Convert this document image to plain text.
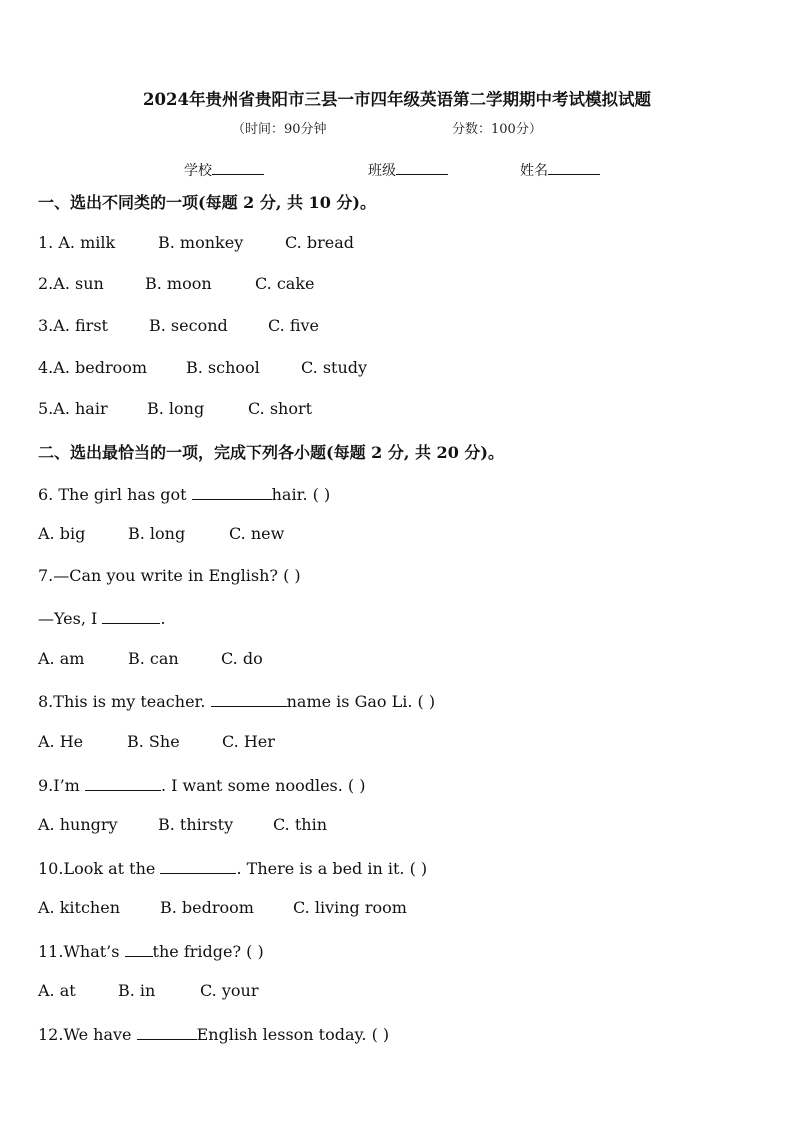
2024年贵州省贵阳市三县一市四年级英语第二学期期中考试模拟试题
（时间：90分钟	分数：100分）
学校	班级	姓名
一、选出不同类的一项(每题 2 分, 共 10 分)。
1. A. milk	B. monkey	C. bread
2.A. sun	B. moon	C. cake
3.A. first	B. second	C. five
4.A. bedroom B. school	C. study
5.A. hair B. long	C. short
二、选出最恰当的一项，完成下列各小题(每题 2 分, 共 20 分)。
6. The girl has got	hair. ( )
A. big	B. long	C. new
7.—Can you write in English? ( )
—Yes, I	.
A. am	B. can	C. do
8.This is my teacher.	name is Gao Li. ( )
A. He	B. She	C. Her
9.I’m	. I want some noodles. ( )
A. hungry	B. thirsty C. thin
10.Look at the	. There is a bed in it. ( )
A. kitchen B. bedroom C. living room
11.What’s the fridge? ( )
A. at	B. in	C. your
12.We have	English lesson today. ( )
